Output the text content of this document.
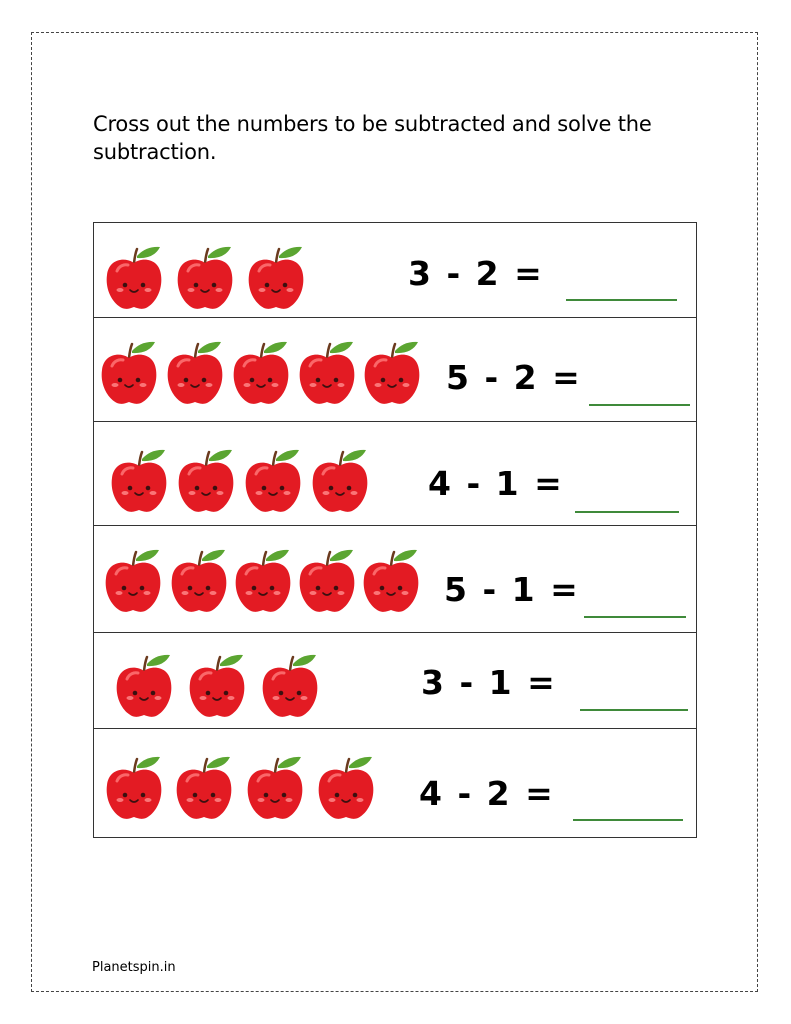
Cross out the numbers to be subtracted and solve the subtraction.
3 - 2 =
5 - 2 =
4 - 1 =
5 - 1 =
3 - 1 =
4 - 2 =
Planetspin.in
